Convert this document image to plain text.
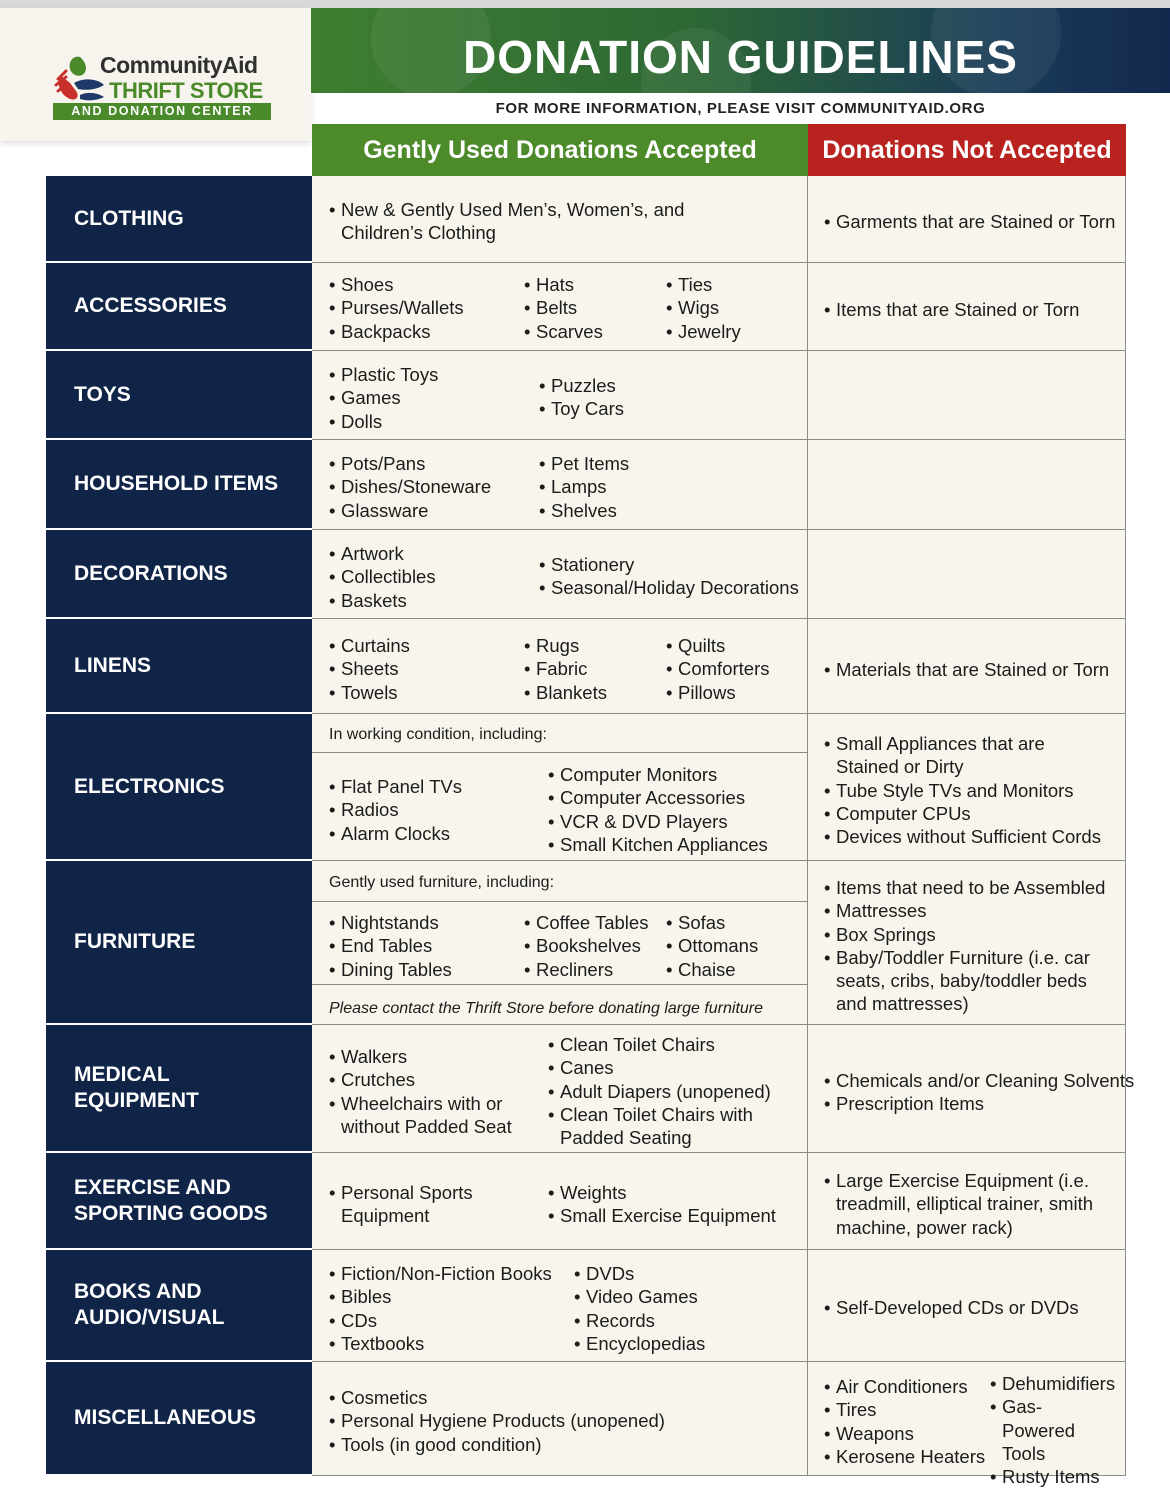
CommunityAid
THRIFT STORE
AND DONATION CENTER
DONATION GUIDELINES
FOR MORE INFORMATION, PLEASE VISIT COMMUNITYAID.ORG
Gently Used Donations Accepted	Donations Not Accepted
CLOTHING
•	New & Gently Used Men’s, Women’s, and Children’s Clothing
• Garments that are Stained or Torn
ACCESSORIES
• Shoes
• Purses/Wallets
• Backpacks
• Hats
• Belts
• Scarves
• Ties
• Wigs
• Jewelry
• Items that are Stained or Torn
TOYS
• Plastic Toys
• Games
• Dolls
• Puzzles
• Toy Cars
HOUSEHOLD ITEMS
• Pots/Pans
• Dishes/Stoneware
• Glassware
• Pet Items
• Lamps
• Shelves
DECORATIONS
• Artwork
• Collectibles
• Baskets
• Stationery
• Seasonal/Holiday Decorations
LINENS
• Curtains
• Sheets
• Towels
• Rugs
• Fabric
• Blankets
• Quilts
• Comforters
• Pillows
• Materials that are Stained or Torn
ELECTRONICS
In working condition, including:
• Flat Panel TVs
• Radios
• Alarm Clocks
• Computer Monitors
• Computer Accessories
• VCR & DVD Players
• Small Kitchen Appliances
• Small Appliances that are Stained or Dirty
• Tube Style TVs and Monitors
• Computer CPUs
• Devices without Sufficient Cords
FURNITURE
Gently used furniture, including:
• Nightstands
• End Tables
• Dining Tables
• Coffee Tables
• Bookshelves
• Recliners
• Sofas
• Ottomans
• Chaise
Please contact the Thrift Store before donating large furniture
• Items that need to be Assembled
• Mattresses
• Box Springs
• Baby/Toddler Furniture (i.e. car seats, cribs, baby/toddler beds and mattresses)
MEDICAL EQUIPMENT
• Walkers
• Crutches
• Wheelchairs with or without Padded Seat
• Clean Toilet Chairs
• Canes
• Adult Diapers (unopened)
• Clean Toilet Chairs with Padded Seating
• Chemicals and/or Cleaning Solvents
• Prescription Items
EXERCISE AND SPORTING GOODS
• Personal Sports Equipment
• Weights
• Small Exercise Equipment
• Large Exercise Equipment (i.e. treadmill, elliptical trainer, smith machine, power rack)
BOOKS AND AUDIO/VISUAL
• Fiction/Non-Fiction Books
• Bibles
• CDs
• Textbooks
• DVDs
• Video Games
• Records
• Encyclopedias
• Self-Developed CDs or DVDs
MISCELLANEOUS
• Cosmetics
• Personal Hygiene Products (unopened)
• Tools (in good condition)
• Air Conditioners
• Tires
• Weapons
• Kerosene Heaters
• Dehumidifiers
• Gas-Powered Tools
• Rusty Items
